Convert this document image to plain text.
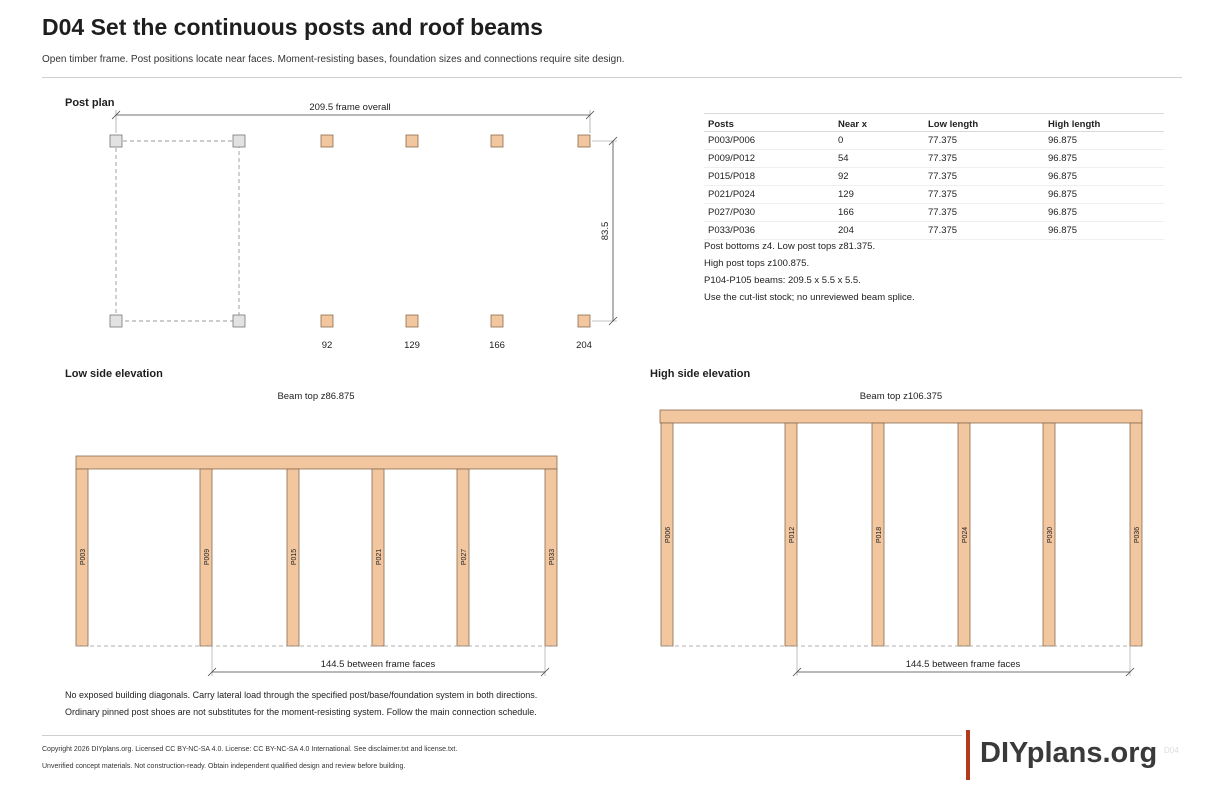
D04 Set the continuous posts and roof beams
Open timber frame. Post positions locate near faces. Moment-resisting bases, foundation sizes and connections require site design.
Post plan	209.5 frame overall
83.5
92	129	166	204
Posts	Near x	Low length	High length
P003/P006	0	77.375	96.875
P009/P012	54	77.375	96.875
P015/P018	92	77.375	96.875
P021/P024	129	77.375	96.875
P027/P030	166	77.375	96.875
P033/P036	204	77.375	96.875
Post bottoms z4. Low post tops z81.375.
High post tops z100.875.
P104-P105 beams: 209.5 x 5.5 x 5.5.
Use the cut-list stock; no unreviewed beam splice.
Low side elevation
Beam top z86.875
P003	P009	P015	P021	P027	P033
144.5 between frame faces
High side elevation
Beam top z106.375
P006	P012	P018	P024	P030	P036
144.5 between frame faces
No exposed building diagonals. Carry lateral load through the specified post/base/foundation system in both directions.
Ordinary pinned post shoes are not substitutes for the moment-resisting system. Follow the main connection schedule.
Copyright 2026 DIYplans.org. Licensed CC BY-NC-SA 4.0. License: CC BY-NC-SA 4.0 International. See disclaimer.txt and license.txt.
Unverified concept materials. Not construction-ready. Obtain independent qualified design and review before building.	DIYplans.org D04
